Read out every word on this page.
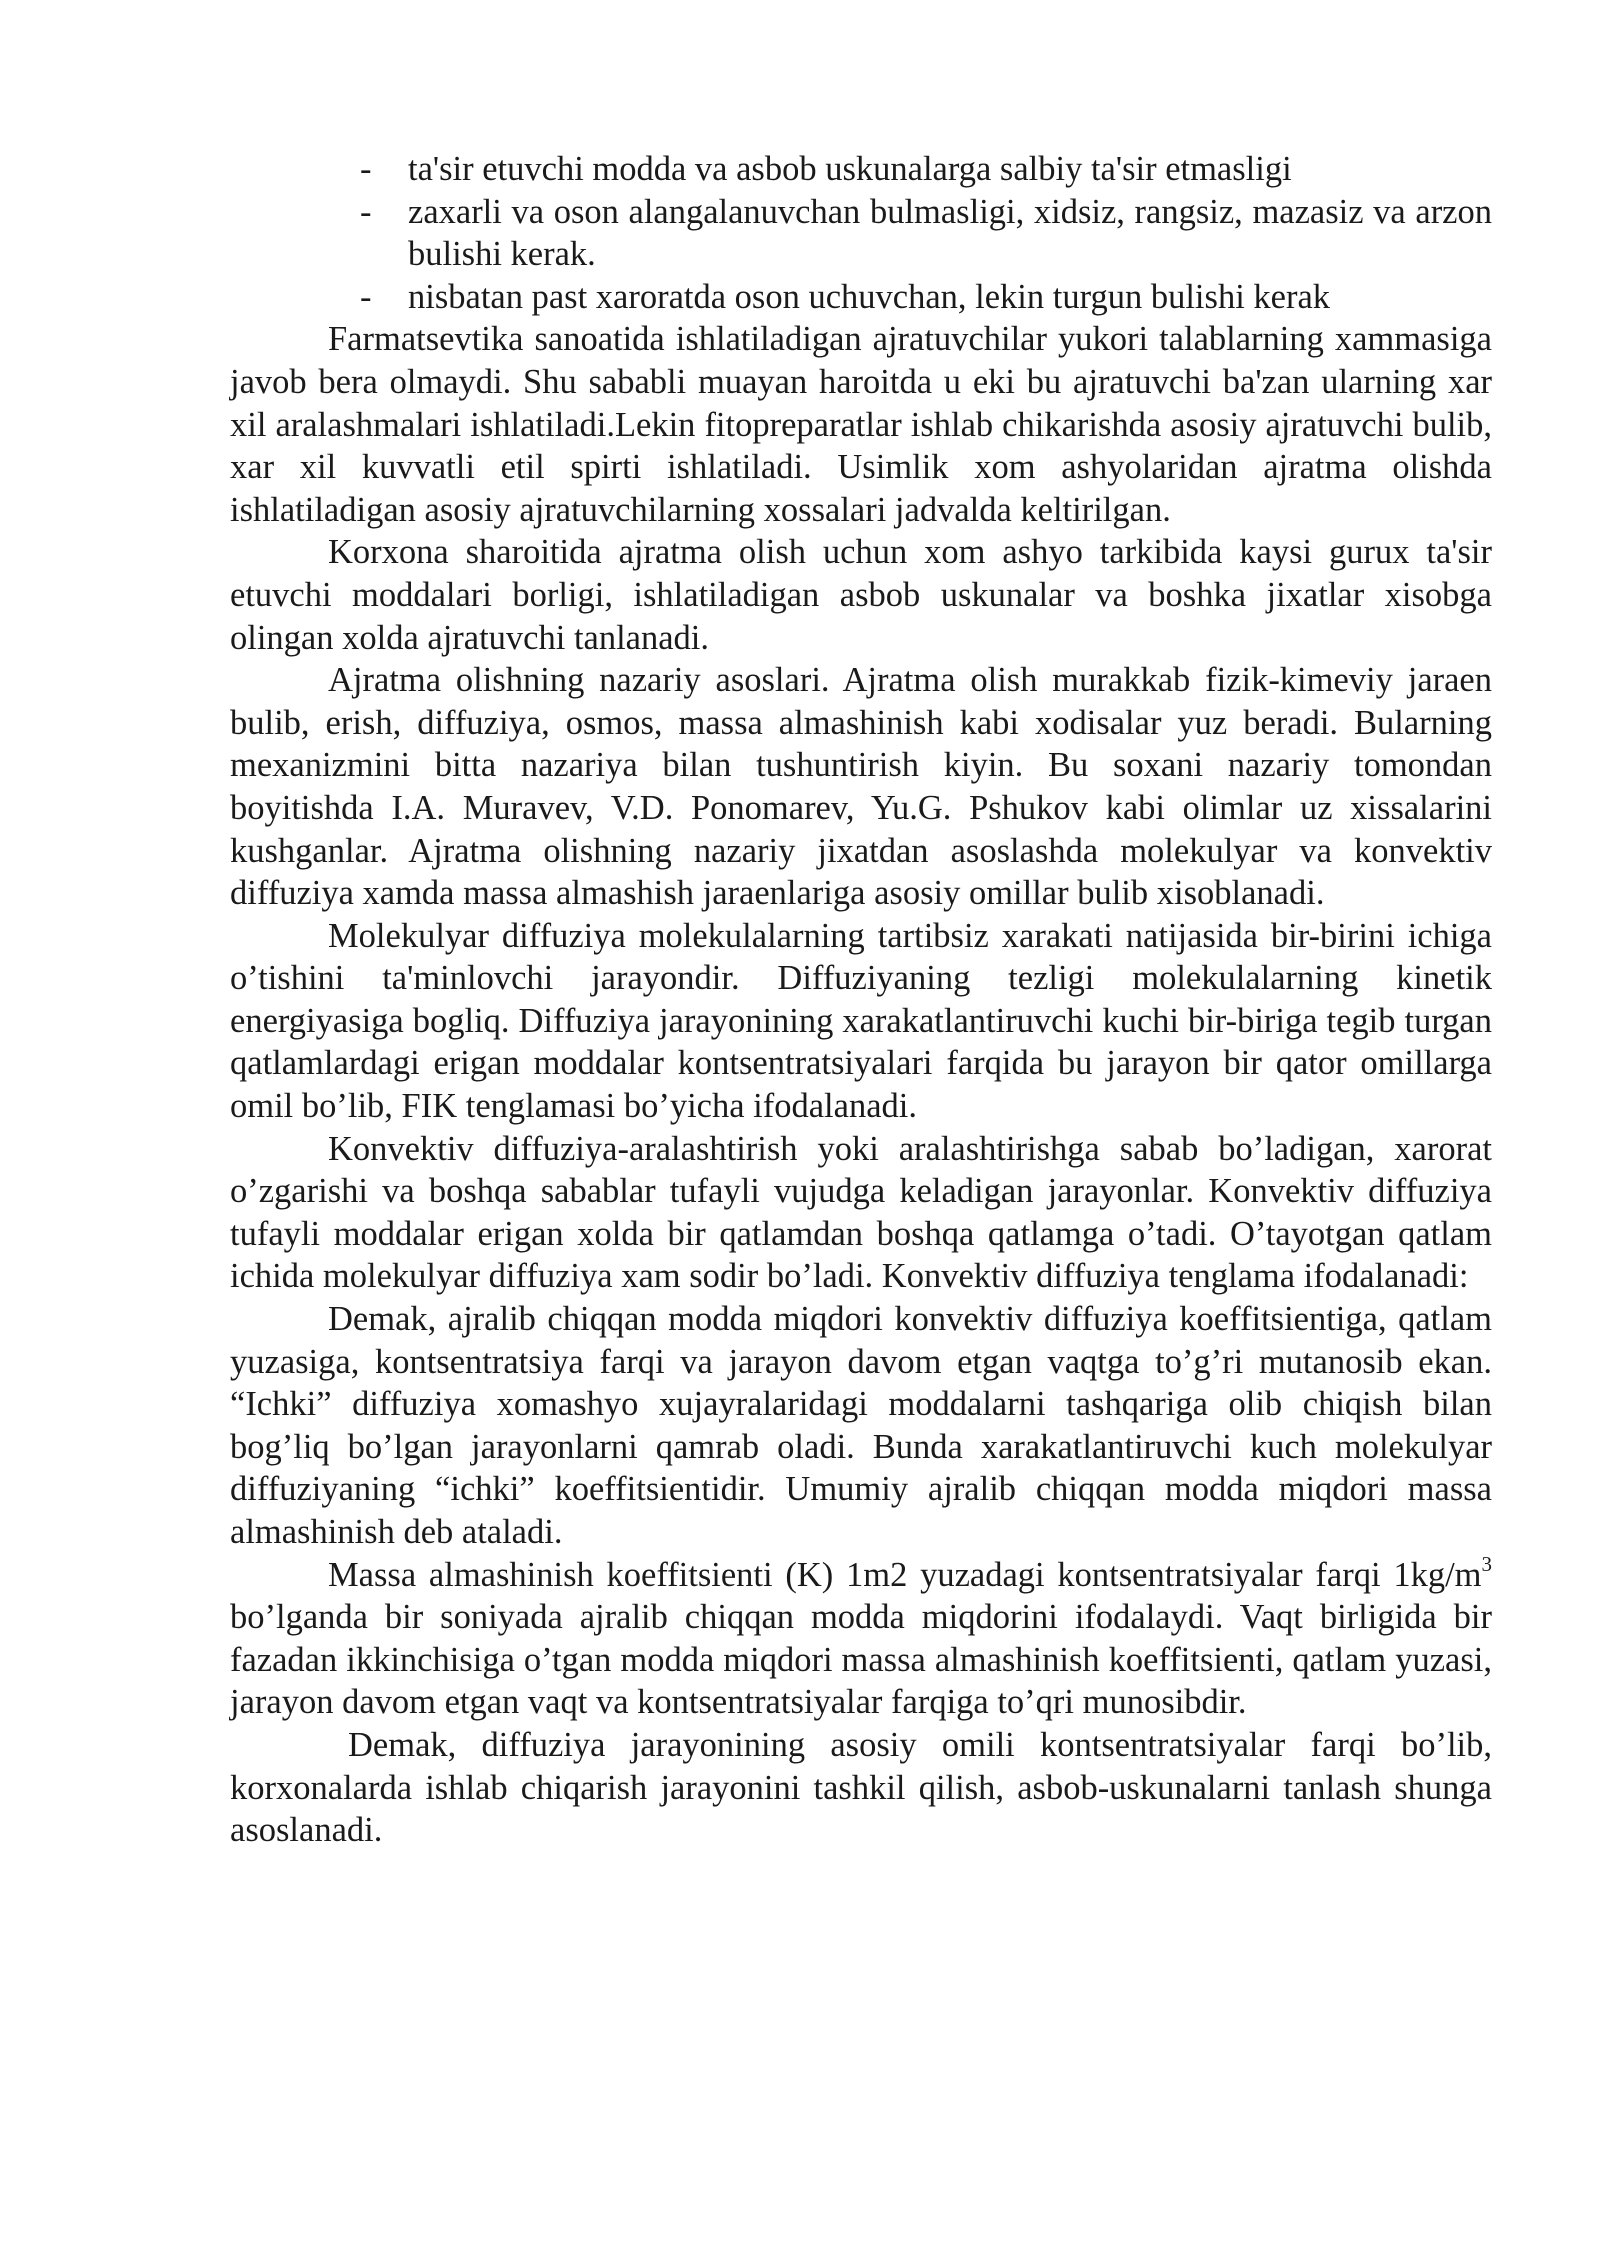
- ta'sir etuvchi modda va asbob uskunalarga salbiy ta'sir etmasligi
- zaxarli va oson alangalanuvchan bulmasligi, xidsiz, rangsiz, mazasiz va arzon bulishi kerak.
- nisbatan past xaroratda oson uchuvchan, lekin turgun bulishi kerak

Farmatsevtika sanoatida ishlatiladigan ajratuvchilar yukori talablarning xammasiga javob bera olmaydi. Shu sababli muayan haroitda u eki bu ajratuvchi ba'zan ularning xar xil aralashmalari ishlatiladi.Lekin fitopreparatlar ishlab chikarishda asosiy ajratuvchi bulib, xar xil kuvvatli etil spirti ishlatiladi. Usimlik xom ashyolaridan ajratma olishda ishlatiladigan asosiy ajratuvchilarning xossalari jadvalda keltirilgan.

Korxona sharoitida ajratma olish uchun xom ashyo tarkibida kaysi gurux ta'sir etuvchi moddalari borligi, ishlatiladigan asbob uskunalar va boshka jixatlar xisobga olingan xolda ajratuvchi tanlanadi.

Ajratma olishning nazariy asoslari. Ajratma olish murakkab fizik-kimeviy jaraen bulib, erish, diffuziya, osmos, massa almashinish kabi xodisalar yuz beradi. Bularning mexanizmini bitta nazariya bilan tushuntirish kiyin. Bu soxani nazariy tomondan boyitishda I.A. Muravev, V.D. Ponomarev, Yu.G. Pshukov kabi olimlar uz xissalarini kushganlar. Ajratma olishning nazariy jixatdan asoslashda molekulyar va konvektiv diffuziya xamda massa almashish jaraenlariga asosiy omillar bulib xisoblanadi.

Molekulyar diffuziya molekulalarning tartibsiz xarakati natijasida bir-birini ichiga o’tishini ta'minlovchi jarayondir. Diffuziyaning tezligi molekulalarning kinetik energiyasiga bogliq. Diffuziya jarayonining xarakatlantiruvchi kuchi bir-biriga tegib turgan qatlamlardagi erigan moddalar kontsentratsiyalari farqida bu jarayon bir qator omillarga omil bo’lib, FIK tenglamasi bo’yicha ifodalanadi.

Konvektiv diffuziya-aralashtirish yoki aralashtirishga sabab bo’ladigan, xarorat o’zgarishi va boshqa sabablar tufayli vujudga keladigan jarayonlar. Konvektiv diffuziya tufayli moddalar erigan xolda bir qatlamdan boshqa qatlamga o’tadi. O’tayotgan qatlam ichida molekulyar diffuziya xam sodir bo’ladi. Konvektiv diffuziya tenglama ifodalanadi:

Demak, ajralib chiqqan modda miqdori konvektiv diffuziya koeffitsientiga, qatlam yuzasiga, kontsentratsiya farqi va jarayon davom etgan vaqtga to’g’ri mutanosib ekan. “Ichki” diffuziya xomashyo xujayralaridagi moddalarni tashqariga olib chiqish bilan bog’liq bo’lgan jarayonlarni qamrab oladi. Bunda xarakatlantiruvchi kuch molekulyar diffuziyaning “ichki” koeffitsientidir. Umumiy ajralib chiqqan modda miqdori massa almashinish deb ataladi.

Massa almashinish koeffitsienti (K) 1m2 yuzadagi kontsentratsiyalar farqi $1kg/m^3$ bo’lganda bir soniyada ajralib chiqqan modda miqdorini ifodalaydi. Vaqt birligida bir fazadan ikkinchisiga o’tgan modda miqdori massa almashinish koeffitsienti, qatlam yuzasi, jarayon davom etgan vaqt va kontsentratsiyalar farqiga to’qri munosibdir.

Demak, diffuziya jarayonining asosiy omili kontsentratsiyalar farqi bo’lib, korxonalarda ishlab chiqarish jarayonini tashkil qilish, asbob-uskunalarni tanlash shunga asoslanadi.
